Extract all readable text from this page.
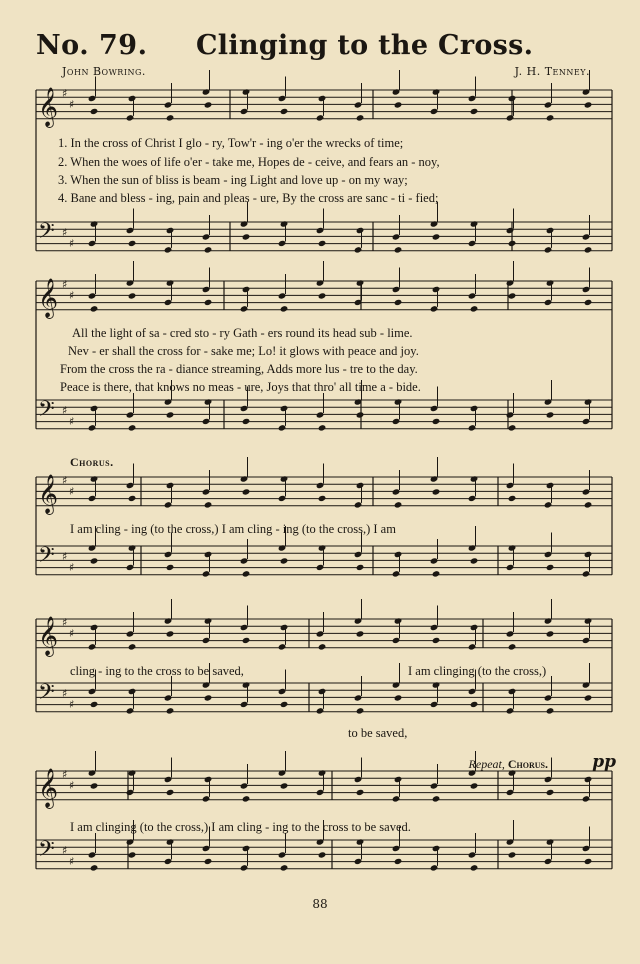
No. 79. Clinging to the Cross.
John Bowring.	J. H. Tenney.
𝄞 ♯
♯
𝄢 ♯
♯
𝄞 ♯
♯
𝄢 ♯
♯
𝄞 ♯
♯
𝄢 ♯
♯
𝄞 ♯
♯
𝄢 ♯
♯
𝄞 ♯
♯
𝄢 ♯
♯
1. In the cross of Christ I glo - ry, Tow'r - ing o'er the wrecks of time;
2. When the woes of life o'er - take me, Hopes de - ceive, and fears an - noy,
3. When the sun of bliss is beam - ing Light and love up - on my way;
4. Bane and bless - ing, pain and pleas - ure, By the cross are sanc - ti - fied;
All the light of sa - cred sto - ry Gath - ers round its head sub - lime.
Nev - er shall the cross for - sake me; Lo! it glows with peace and joy.
From the cross the ra - diance streaming, Adds more lus - tre to the day.
Peace is there, that knows no meas - ure, Joys that thro' all time a - bide.
Chorus.
I am cling - ing (to the cross,) I am cling - ing (to the cross,) I am
cling - ing to the cross to be saved,	I am clinging (to the cross,)
to be saved,
I am clinging (to the cross,) I am cling - ing to the cross to be saved.
Repeat, Chorus.	pp
88
